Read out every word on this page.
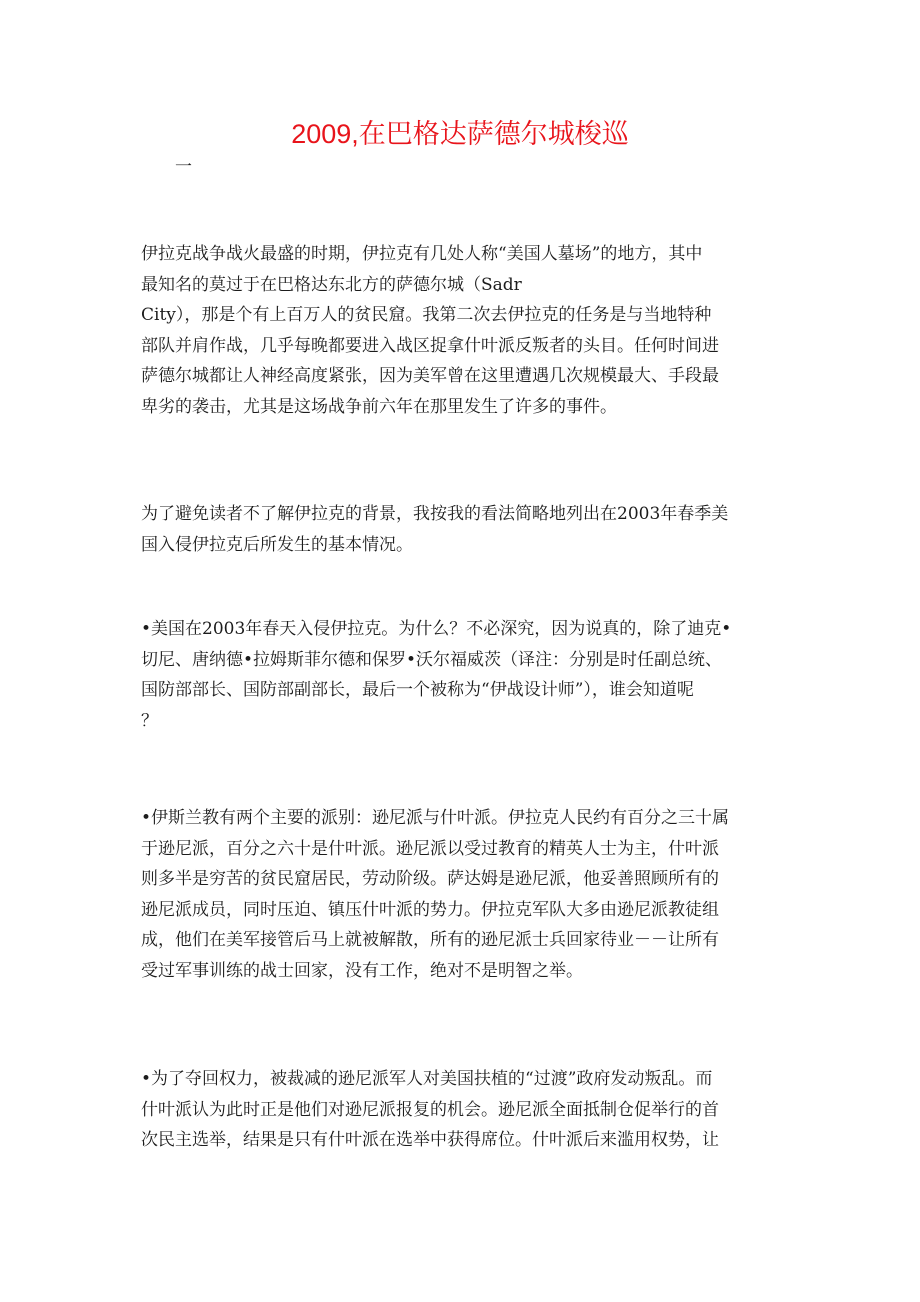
2009,在巴格达萨德尔城梭巡
一

伊拉克战争战火最盛的时期，伊拉克有几处人称“美国人墓场”的地方，其中
最知名的莫过于在巴格达东北方的萨德尔城（Sadr
City），那是个有上百万人的贫民窟。我第二次去伊拉克的任务是与当地特种
部队并肩作战，几乎每晚都要进入战区捉拿什叶派反叛者的头目。任何时间进
萨德尔城都让人神经高度紧张，因为美军曾在这里遭遇几次规模最大、手段最
卑劣的袭击，尤其是这场战争前六年在那里发生了许多的事件。

为了避免读者不了解伊拉克的背景，我按我的看法简略地列出在2003年春季美
国入侵伊拉克后所发生的基本情况。

•美国在2003年春天入侵伊拉克。为什么？不必深究，因为说真的，除了迪克•
切尼、唐纳德•拉姆斯菲尔德和保罗•沃尔福威茨（译注：分别是时任副总统、
国防部部长、国防部副部长，最后一个被称为“伊战设计师”），谁会知道呢
？

•伊斯兰教有两个主要的派别：逊尼派与什叶派。伊拉克人民约有百分之三十属
于逊尼派，百分之六十是什叶派。逊尼派以受过教育的精英人士为主，什叶派
则多半是穷苦的贫民窟居民，劳动阶级。萨达姆是逊尼派，他妥善照顾所有的
逊尼派成员，同时压迫、镇压什叶派的势力。伊拉克军队大多由逊尼派教徒组
成，他们在美军接管后马上就被解散，所有的逊尼派士兵回家待业－－让所有
受过军事训练的战士回家，没有工作，绝对不是明智之举。

•为了夺回权力，被裁减的逊尼派军人对美国扶植的“过渡”政府发动叛乱。而
什叶派认为此时正是他们对逊尼派报复的机会。逊尼派全面抵制仓促举行的首
次民主选举，结果是只有什叶派在选举中获得席位。什叶派后来滥用权势，让
